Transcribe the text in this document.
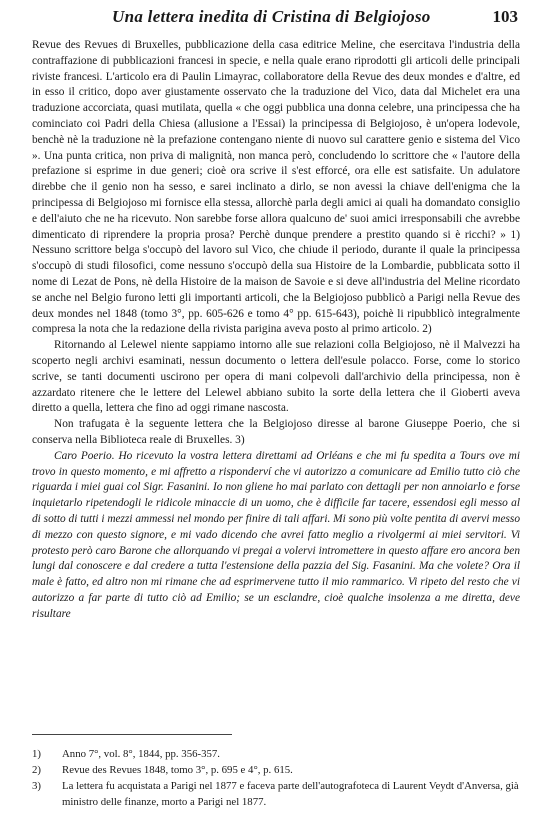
Una lettera inedita di Cristina di Belgiojoso	103

Revue des Revues di Bruxelles, pubblicazione della casa editrice Meline, che esercitava l'industria della contraffazione di pubblicazioni francesi in specie, e nella quale erano riprodotti gli articoli delle principali riviste francesi. L'articolo era di Paulin Limayrac, collaboratore della Revue des deux mondes e d'altre, ed in esso il critico, dopo aver giustamente osservato che la traduzione del Vico, data dal Michelet era una traduzione accorciata, quasi mutilata, quella « che oggi pubblica una donna celebre, una principessa che ha cominciato coi Padri della Chiesa (allusione a l'Essai) la principessa di Belgiojoso, è un'opera lodevole, benchè nè la traduzione nè la prefazione contengano niente di nuovo sul carattere genio e sistema del Vico ». Una punta critica, non priva di malignità, non manca però, concludendo lo scrittore che « l'autore della prefazione si esprime in due generi; cioè ora scrive il s'est efforcé, ora elle est satisfaite. Un adulatore direbbe che il genio non ha sesso, e sarei inclinato a dirlo, se non avessi la chiave dell'enigma che la principessa di Belgiojoso mi fornisce ella stessa, allorchè parla degli amici ai quali ha domandato consiglio e dell'aiuto che ne ha ricevuto. Non sarebbe forse allora qualcuno de' suoi amici irresponsabili che avrebbe dimenticato di riprendere la propria prosa? Perchè dunque prendere a prestito quando si è ricchi? » 1) Nessuno scrittore belga s'occupò del lavoro sul Vico, che chiude il periodo, durante il quale la principessa s'occupò di studi filosofici, come nessuno s'occupò della sua Histoire de la Lombardie, pubblicata sotto il nome di Lezat de Pons, nè della Histoire de la maison de Savoie e si deve all'industria del Meline ricordato se anche nel Belgio furono letti gli importanti articoli, che la Belgiojoso pubblicò a Parigi nella Revue des deux mondes nel 1848 (tomo 3°, pp. 605-626 e tomo 4° pp. 615-643), poichè li ripubblicò integralmente compresa la nota che la redazione della rivista parigina aveva posto al primo articolo. 2)

Ritornando al Lelewel niente sappiamo intorno alle sue relazioni colla Belgiojoso, nè il Malvezzi ha scoperto negli archivi esaminati, nessun documento o lettera dell'esule polacco. Forse, come lo storico scrive, se tanti documenti uscirono per opera di mani colpevoli dall'archivio della principessa, non è azzardato ritenere che le lettere del Lelewel abbiano subito la sorte della lettera che il Gioberti aveva diretto a quella, lettera che fino ad oggi rimane nascosta.

Non trafugata è la seguente lettera che la Belgiojoso diresse al barone Giuseppe Poerio, che si conserva nella Biblioteca reale di Bruxelles. 3)

Caro Poerio. Ho ricevuto la vostra lettera direttami ad Orléans e che mi fu spedita a Tours ove mi trovo in questo momento, e mi affretto a risponderví che vi autorizzo a comunicare ad Emilio tutto ciò che riguarda i miei guai col Sigr. Fasanini. Io non gliene ho mai parlato con dettagli per non annoiarlo e forse inquietarlo ripetendogli le ridicole minaccie di un uomo, che è difficile far tacere, essendosi egli messo al di sotto di tutti i mezzi ammessi nel mondo per finire di tali affari. Mi sono più volte pentita di avervi messo di mezzo con questo signore, e mi vado dicendo che avrei fatto meglio a rivolgermi ai miei servitori. Vi protesto però caro Barone che allorquando vi pregai a volervi intromettere in questo affare ero ancora ben lungi dal conoscere e dal credere a tutta l'estensione della pazzia del Sig. Fasanini. Ma che volete? Ora il male è fatto, ed altro non mi rimane che ad esprimervene tutto il mio rammarico. Vi ripeto del resto che vi autorizzo a far parte di tutto ciò ad Emilio; se un esclandre, cioè qualche insolenza a me diretta, deve risultare

1) Anno 7°, vol. 8°, 1844, pp. 356-357.

2) Revue des Revues 1848, tomo 3°, p. 695 e 4°, p. 615.

3) La lettera fu acquistata a Parigi nel 1877 e faceva parte dell'autografoteca di Laurent Veydt d'Anversa, già ministro delle finanze, morto a Parigi nel 1877.
